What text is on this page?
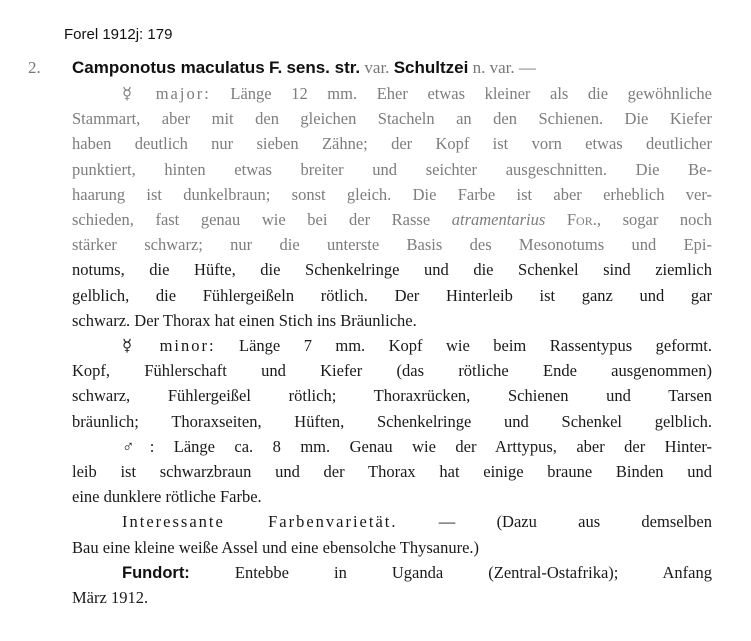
Forel 1912j: 179
2. Camponotus maculatus F. sens. str. var. Schultzei n. var. —
☿ major: Länge 12 mm. Eher etwas kleiner als die gewöhnliche
Stammart, aber mit den gleichen Stacheln an den Schienen. Die Kiefer
haben deutlich nur sieben Zähne; der Kopf ist vorn etwas deutlicher
punktiert, hinten etwas breiter und seichter ausgeschnitten. Die Be-
haarung ist dunkelbraun; sonst gleich. Die Farbe ist aber erheblich ver-
schieden, fast genau wie bei der Rasse atramentarius For., sogar noch
stärker schwarz; nur die unterste Basis des Mesonotums und Epi-
notums, die Hüfte, die Schenkelringe und die Schenkel sind ziemlich
gelblich, die Fühlergeißeln rötlich. Der Hinterleib ist ganz und gar
schwarz. Der Thorax hat einen Stich ins Bräunliche.
☿ minor: Länge 7 mm. Kopf wie beim Rassentypus geformt.
Kopf, Fühlerschaft und Kiefer (das rötliche Ende ausgenommen)
schwarz, Fühlergeißel rötlich; Thoraxrücken, Schienen und Tarsen
bräunlich; Thoraxseiten, Hüften, Schenkelringe und Schenkel gelblich.
♂: Länge ca. 8 mm. Genau wie der Arttypus, aber der Hinter-
leib ist schwarzbraun und der Thorax hat einige braune Binden und
eine dunklere rötliche Farbe.
Interessante Farbenvarietät. — (Dazu aus demselben
Bau eine kleine weiße Assel und eine ebensolche Thysanure.)
Fundort:	Entebbe in Uganda (Zentral-Ostafrika); Anfang
März 1912.
